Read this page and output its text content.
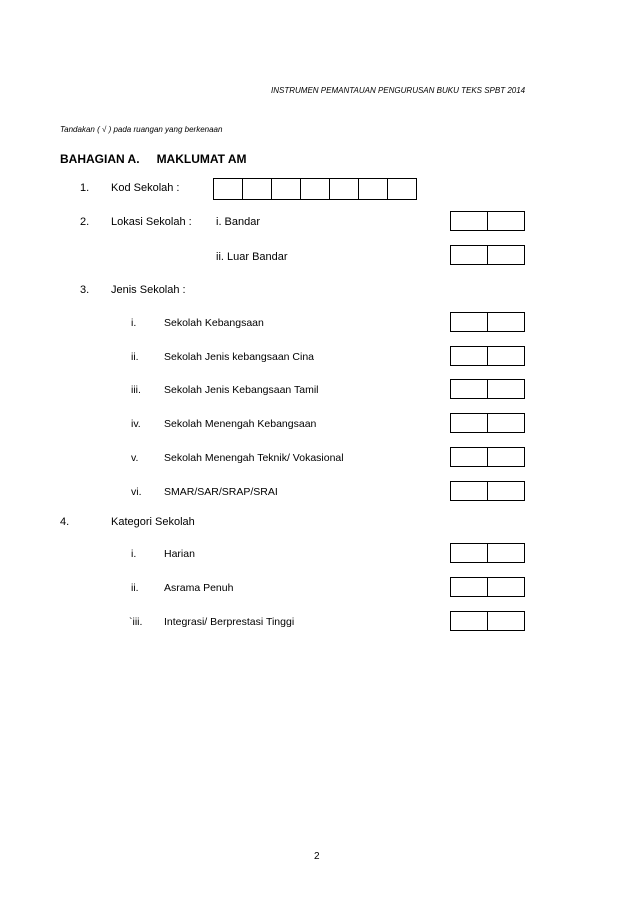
INSTRUMEN PEMANTAUAN PENGURUSAN BUKU TEKS SPBT 2014
Tandakan ( √ ) pada ruangan yang berkenaan
BAHAGIAN A. MAKLUMAT AM
1. Kod Sekolah :
2. Lokasi Sekolah : i. Bandar
ii. Luar Bandar
3. Jenis Sekolah :
i.	Sekolah Kebangsaan
ii. Sekolah Jenis kebangsaan Cina
iii. Sekolah Jenis Kebangsaan Tamil
iv. Sekolah Menengah Kebangsaan
v. Sekolah Menengah Teknik/ Vokasional
vi. SMAR/SAR/SRAP/SRAI
4.	Kategori Sekolah
i.	Harian
ii. Asrama Penuh
`iii. Integrasi/ Berprestasi Tinggi
2
